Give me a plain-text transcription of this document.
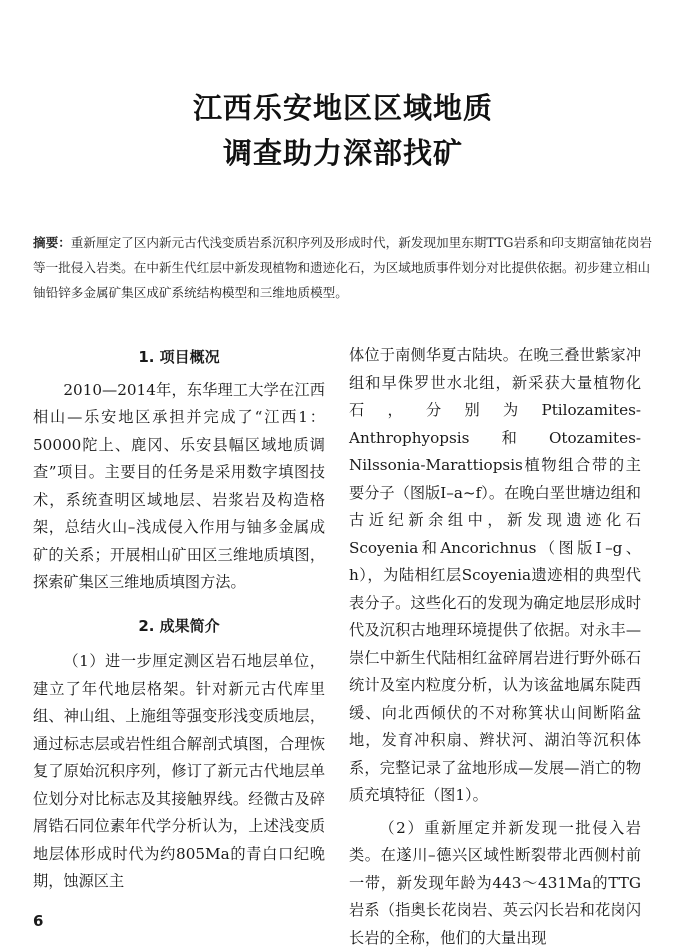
江西乐安地区区域地质
调查助力深部找矿
摘要：重新厘定了区内新元古代浅变质岩系沉积序列及形成时代，新发现加里东期TTG岩系和印支期富铀花岗岩等一批侵入岩类。在中新生代红层中新发现植物和遗迹化石，为区域地质事件划分对比提供依据。初步建立相山铀铅锌多金属矿集区成矿系统结构模型和三维地质模型。
1. 项目概况

2010—2014年，东华理工大学在江西相山—乐安地区承担并完成了“江西1：50000陀上、鹿冈、乐安县幅区域地质调查”项目。主要目的任务是采用数字填图技术，系统查明区域地层、岩浆岩及构造格架，总结火山–浅成侵入作用与铀多金属成矿的关系；开展相山矿田区三维地质填图，探索矿集区三维地质填图方法。

2. 成果简介

（1）进一步厘定测区岩石地层单位，建立了年代地层格架。针对新元古代库里组、神山组、上施组等强变形浅变质地层，通过标志层或岩性组合解剖式填图，合理恢复了原始沉积序列，修订了新元古代地层单位划分对比标志及其接触界线。经微古及碎屑锆石同位素年代学分析认为，上述浅变质地层体形成时代为约805Ma的青白口纪晚期，蚀源区主

体位于南侧华夏古陆块。在晚三叠世紫家冲组和早侏罗世水北组，新采获大量植物化石，分别为Ptilozamites-Anthrophyopsis和Otozamites-Nilssonia-Marattiopsis植物组合带的主要分子（图版Ⅰ–a~f）。在晚白垩世塘边组和古近纪新余组中，新发现遗迹化石Scoyenia和Ancorichnus（图版Ⅰ–g、h），为陆相红层Scoyenia遗迹相的典型代表分子。这些化石的发现为确定地层形成时代及沉积古地理环境提供了依据。对永丰—崇仁中新生代陆相红盆碎屑岩进行野外砾石统计及室内粒度分析，认为该盆地属东陡西缓、向北西倾伏的不对称箕状山间断陷盆地，发育冲积扇、辫状河、湖泊等沉积体系，完整记录了盆地形成—发展—消亡的物质充填特征（图1）。

（2）重新厘定并新发现一批侵入岩类。在遂川–德兴区域性断裂带北西侧村前一带，新发现年龄为443～431Ma的TTG岩系（指奥长花岗岩、英云闪长岩和花岗闪长岩的全称，他们的大量出现

6
